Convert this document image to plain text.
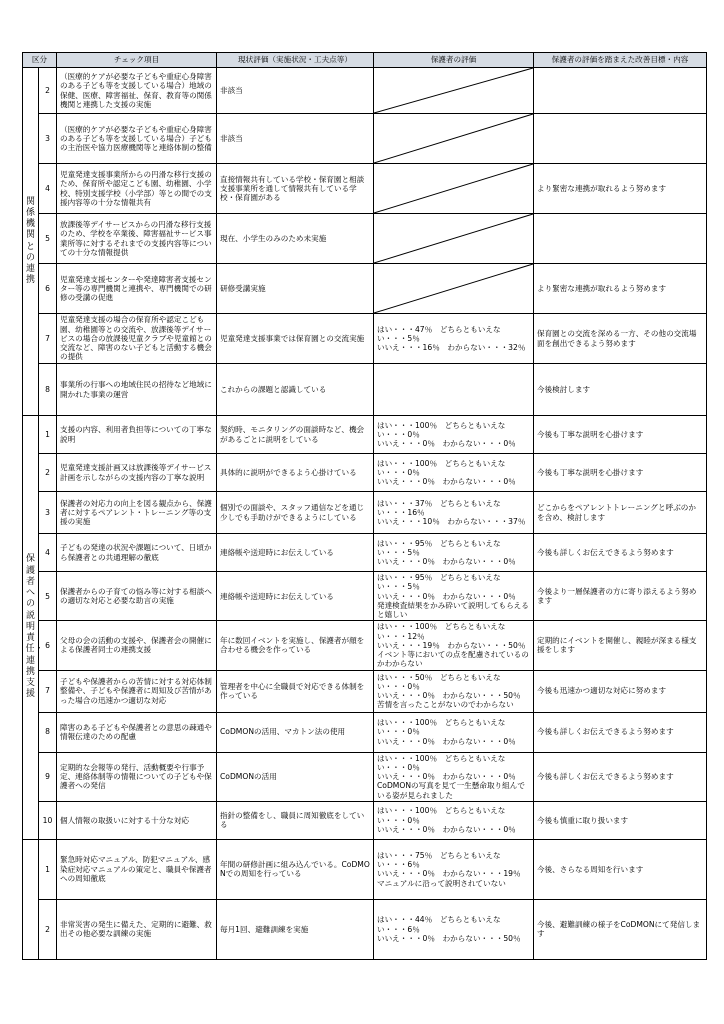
区分		チェック項目	現状評価（実施状況・工夫点等）	保護者の評価	保護者の評価を踏まえた改善目標・内容
関係機関との連携	2	（医療的ケアが必要な子どもや重症心身障害のある子ども等を支援している場合）地域の保健、医療、障害福祉、保育、教育等の関係機関と連携した支援の実施	非該当	

	3	（医療的ケアが必要な子どもや重症心身障害のある子ども等を支援している場合）子どもの主治医や協力医療機関等と連絡体制の整備	非該当	

	4	児童発達支援事業所からの円滑な移行支援のため、保育所や認定こども園、幼稚園、小学校、特別支援学校（小学部）等との間での支援内容等の十分な情報共有	直接情報共有している学校・保育園と相談支援事業所を通して情報共有している学校・保育園がある		より緊密な連携が取れるよう努めます
	5	放課後等デイサービスからの円滑な移行支援のため、学校を卒業後、障害福祉サービス事業所等に対するそれまでの支援内容等についての十分な情報提供	現在、小学生のみのため未実施	

	6	児童発達支援センターや発達障害者支援センター等の専門機関と連携や、専門機関での研修の受講の促進	研修受講実施		より緊密な連携が取れるよう努めます
	7	児童発達支援の場合の保育所や認定こども園、幼稚園等との交流や、放課後等デイサービスの場合の放課後児童クラブや児童館との交流など、障害のない子どもと活動する機会の提供	児童発達支援事業では保育園との交流実施	はい・・・47％　どちらともいえない・・・5％
いいえ・・・16％　わからない・・・32％	保育園との交流を深める一方、その他の交流場面を創出できるよう努めます
	8	事業所の行事への地域住民の招待など地域に開かれた事業の運営	これからの課題と認識している		今後検討します
保護者への説明責任・連携支援	1	支援の内容、利用者負担等についての丁寧な説明	契約時、モニタリングの面談時など、機会があるごとに説明をしている	はい・・・100％　どちらともいえない・・・0％
いいえ・・・0％　わからない・・・0％	今後も丁寧な説明を心掛けます
	2	児童発達支援計画又は放課後等デイサービス計画を示しながらの支援内容の丁寧な説明	具体的に説明ができるよう心掛けている	はい・・・100％　どちらともいえない・・・0％
いいえ・・・0％　わからない・・・0％	今後も丁寧な説明を心掛けます
	3	保護者の対応力の向上を図る観点から、保護者に対するペアレント・トレーニング等の支援の実施	個別での面談や、スタッフ通信などを通じ少しでも手助けができるようにしている	はい・・・37％　どちらともいえない・・・16％
いいえ・・・10％　わからない・・・37％	どこからをペアレントトレーニングと呼ぶのかを含め、検討します
	4	子どもの発達の状況や課題について、日頃から保護者との共通理解の徹底	連絡帳や送迎時にお伝えしている	はい・・・95％　どちらともいえない・・・5％
いいえ・・・0％　わからない・・・0％	今後も詳しくお伝えできるよう努めます
	5	保護者からの子育ての悩み等に対する相談への適切な対応と必要な助言の実施	連絡帳や送迎時にお伝えしている	はい・・・95％　どちらともいえない・・・5％
いいえ・・・0％　わからない・・・0％
発達検査結果をかみ砕いて説明してもらえると嬉しい	今後より一層保護者の方に寄り添えるよう努めます
	6	父母の会の活動の支援や、保護者会の開催による保護者同士の連携支援	年に数回イベントを実施し、保護者が顔を合わせる機会を作っている	はい・・・100％　どちらともいえない・・・12％
いいえ・・・19％　わからない・・・50％
イベント等においての点を配慮されているのかわからない	定期的にイベントを開催し、親睦が深まる様支援をします
	7	子どもや保護者からの苦情に対する対応体制整備や、子どもや保護者に周知及び苦情があった場合の迅速かつ適切な対応	管理者を中心に全職員で対応できる体制を作っている	はい・・・50％　どちらともいえない・・・0％
いいえ・・・0％　わからない・・・50％
苦情を言ったことがないのでわからない	今後も迅速かつ適切な対応に努めます
	8	障害のある子どもや保護者との意思の疎通や情報伝達のための配慮	CoDMONの活用、マカトン法の使用	はい・・・100％　どちらともいえない・・・0％
いいえ・・・0％　わからない・・・0％	今後も詳しくお伝えできるよう努めます
	9	定期的な会報等の発行、活動概要や行事予定、連絡体制等の情報についての子どもや保護者への発信	CoDMONの活用	はい・・・100％　どちらともいえない・・・0％
いいえ・・・0％　わからない・・・0％
CoDMONの写真を見て一生懸命取り組んでいる姿が見られました	今後も詳しくお伝えできるよう努めます
	10	個人情報の取扱いに対する十分な対応	指針の整備をし、職員に周知徹底をしている	はい・・・100％　どちらともいえない・・・0％
いいえ・・・0％　わからない・・・0％	今後も慎重に取り扱います
	1	緊急時対応マニュアル、防犯マニュアル、感染症対応マニュアルの策定と、職員や保護者への周知徹底	年間の研修計画に組み込んでいる。CoDMONでの周知を行っている	はい・・・75％　どちらともいえない・・・6％
いいえ・・・0％　わからない・・・19％
マニュアルに沿って説明されていない	今後、さらなる周知を行います
	2	非常災害の発生に備えた、定期的に避難、救出その他必要な訓練の実施	毎月1回、避難訓練を実施	はい・・・44％　どちらともいえない・・・6％
いいえ・・・0％　わからない・・・50％	今後、避難訓練の様子をCoDMONにて発信します
